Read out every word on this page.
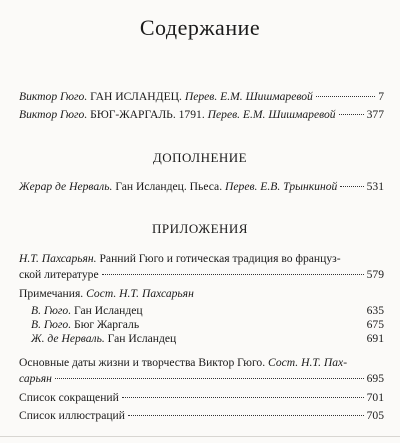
Содержание
Виктор Гюго. ГАН ИСЛАНДЕЦ. Перев. Е.М. Шишмаревой	7
Виктор Гюго. БЮГ-ЖАРГАЛЬ. 1791. Перев. Е.М. Шишмаревой	377
ДОПОЛНЕНИЕ
Жерар де Нерваль. Ган Исландец. Пьеса. Перев. Е.В. Трынкиной	531
ПРИЛОЖЕНИЯ
Н.Т. Пахсарьян. Ранний Гюго и готическая традиция во француз-
ской литературе	579
Примечания. Сост. Н.Т. Пахсарьян
В. Гюго. Ган Исландец	635
В. Гюго. Бюг Жаргаль	675
Ж. де Нерваль. Ган Исландец	691
Основные даты жизни и творчества Виктор Гюго. Сост. Н.Т. Пах-
сарьян	695
Список сокращений	701
Список иллюстраций	705
